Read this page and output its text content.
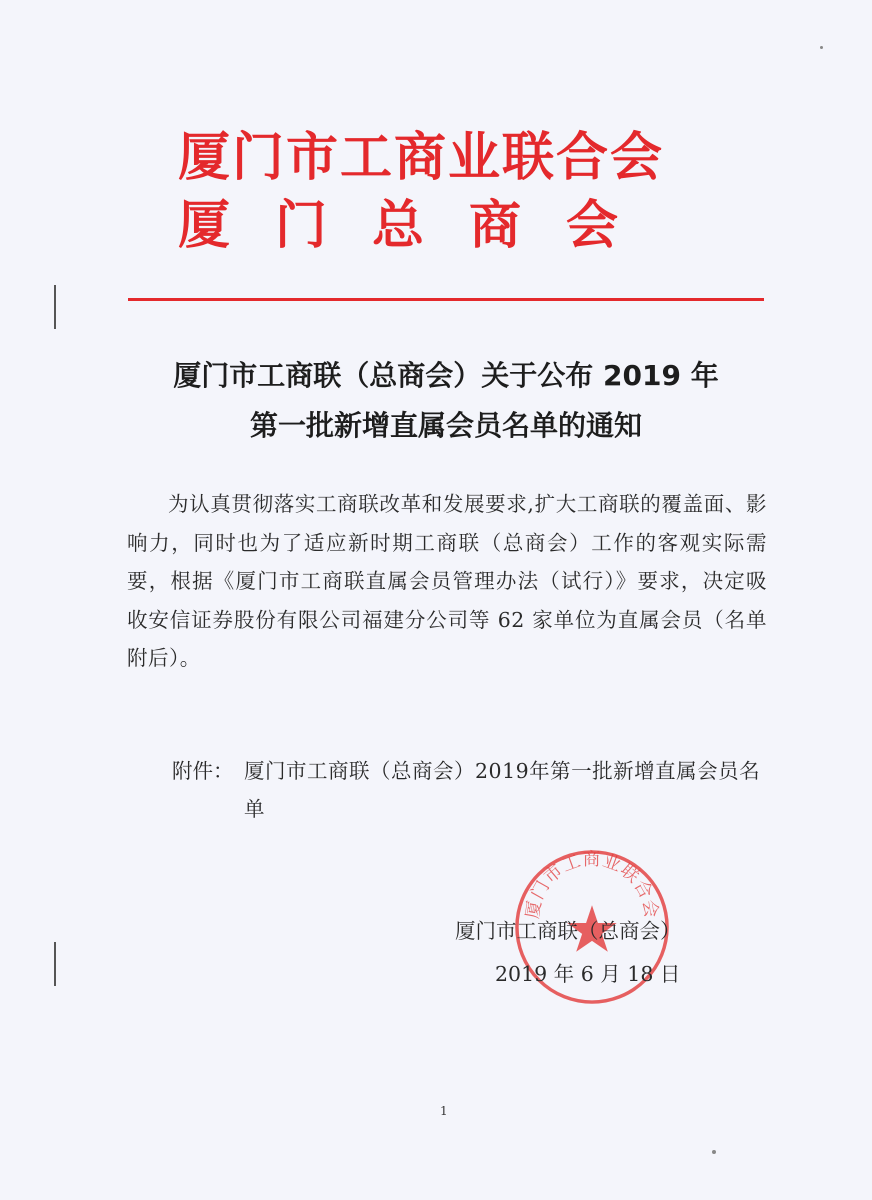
厦门市工商业联合会
厦门总商会
厦门市工商联（总商会）关于公布 2019 年
第一批新增直属会员名单的通知
为认真贯彻落实工商联改革和发展要求,扩大工商联的覆盖面、影响力，同时也为了适应新时期工商联（总商会）工作的客观实际需要，根据《厦门市工商联直属会员管理办法（试行）》要求，决定吸收安信证券股份有限公司福建分公司等 62 家单位为直属会员（名单附后）。
附件： 厦门市工商联（总商会）2019年第一批新增直属会员名单
厦门市工商业联合会
厦门市工商联（总商会）
2019 年 6 月 18 日
1
